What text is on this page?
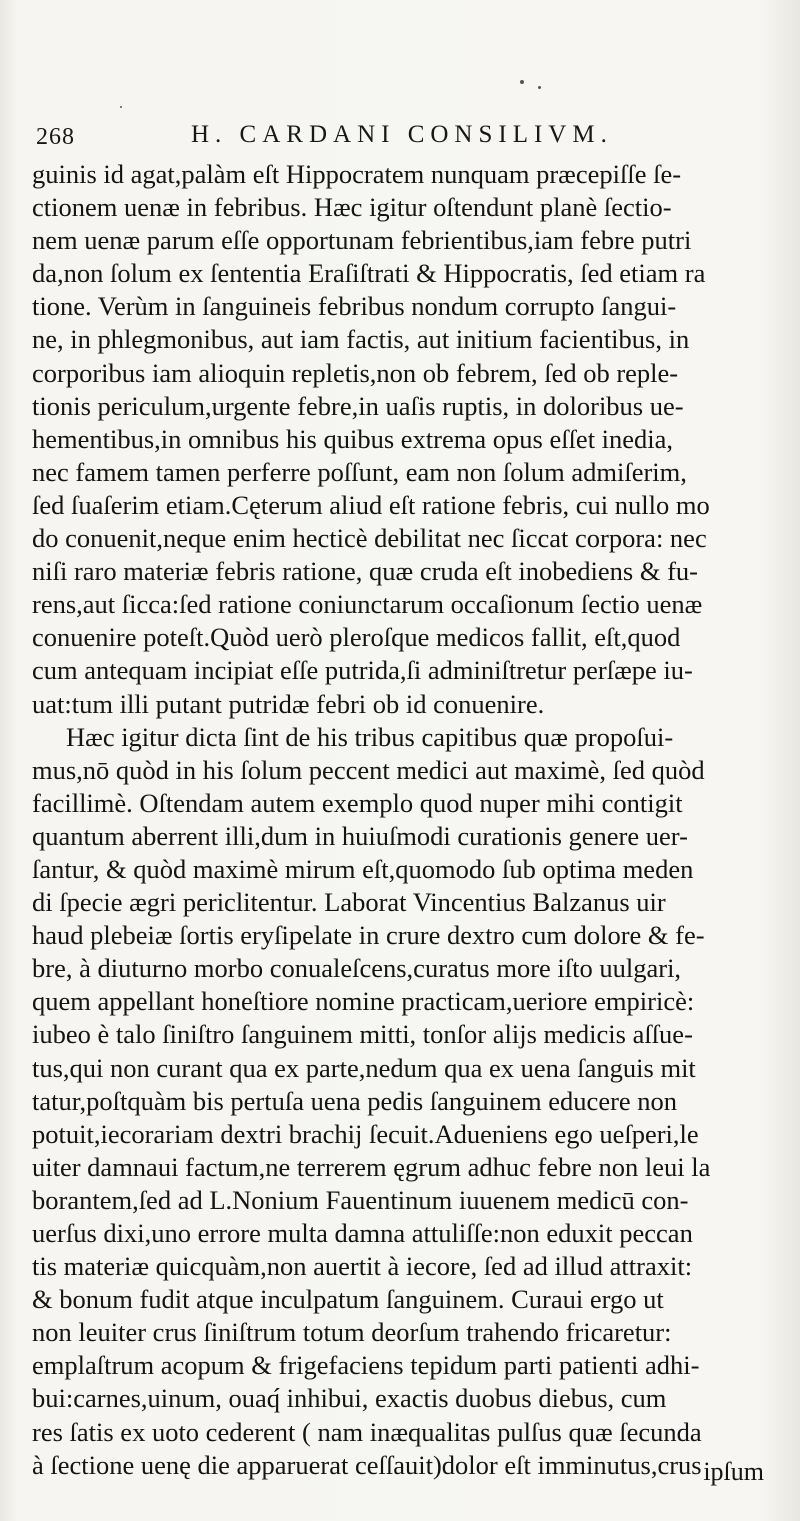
268	H. CARDANI CONSILIVM.
guinis id agat,palàm eſt Hippocratem nunquam præcepiſſe ſe-
ctionem uenæ in febribus. Hæc igitur oſtendunt planè ſectio-
nem uenæ parum eſſe opportunam febrientibus,iam febre putri
da,non ſolum ex ſententia Eraſiſtrati & Hippocratis, ſed etiam ra
tione. Verùm in ſanguineis febribus nondum corrupto ſangui-
ne, in phlegmonibus, aut iam factis, aut initium facientibus, in
corporibus iam alioquin repletis,non ob febrem, ſed ob reple-
tionis periculum,urgente febre,in uaſis ruptis, in doloribus ue-
hementibus,in omnibus his quibus extrema opus eſſet inedia,
nec famem tamen perferre poſſunt, eam non ſolum admiſerim,
ſed ſuaſerim etiam.Cęterum aliud eſt ratione febris, cui nullo mo
do conuenit,neque enim hecticè debilitat nec ſiccat corpora: nec
niſi raro materiæ febris ratione, quæ cruda eſt inobediens & fu-
rens,aut ſicca:ſed ratione coniunctarum occaſionum ſectio uenæ
conuenire poteſt.Quòd uerò pleroſque medicos fallit, eſt,quod
cum antequam incipiat eſſe putrida,ſi adminiſtretur perſæpe iu-
uat:tum illi putant putridæ febri ob id conuenire.
Hæc igitur dicta ſint de his tribus capitibus quæ propoſui-
mus,nō quòd in his ſolum peccent medici aut maximè, ſed quòd
facillimè. Oſtendam autem exemplo quod nuper mihi contigit
quantum aberrent illi,dum in huiuſmodi curationis genere uer-
ſantur, & quòd maximè mirum eſt,quomodo ſub optima meden
di ſpecie ægri periclitentur. Laborat Vincentius Balzanus uir
haud plebeiæ ſortis eryſipelate in crure dextro cum dolore & fe-
bre, à diuturno morbo conualeſcens,curatus more iſto uulgari,
quem appellant honeſtiore nomine practicam,ueriore empiricè:
iubeo è talo ſiniſtro ſanguinem mitti, tonſor alijs medicis aſſue-
tus,qui non curant qua ex parte,nedum qua ex uena ſanguis mit
tatur,poſtquàm bis pertuſa uena pedis ſanguinem educere non
potuit,iecorariam dextri brachij ſecuit.Adueniens ego ueſperi,le
uiter damnaui factum,ne terrerem ęgrum adhuc febre non leui la
borantem,ſed ad L.Nonium Fauentinum iuuenem medicū con-
uerſus dixi,uno errore multa damna attuliſſe:non eduxit peccan
tis materiæ quicquàm,non auertit à iecore, ſed ad illud attraxit:
& bonum fudit atque inculpatum ſanguinem. Curaui ergo ut
non leuiter crus ſiniſtrum totum deorſum trahendo fricaretur:
emplaſtrum acopum & frigefaciens tepidum parti patienti adhi-
bui:carnes,uinum, ouaq́ inhibui, exactis duobus diebus, cum
res ſatis ex uoto cederent ( nam inæqualitas pulſus quæ ſecunda
à ſectione uenę die apparuerat ceſſauit)dolor eſt imminutus,crus ipſum
